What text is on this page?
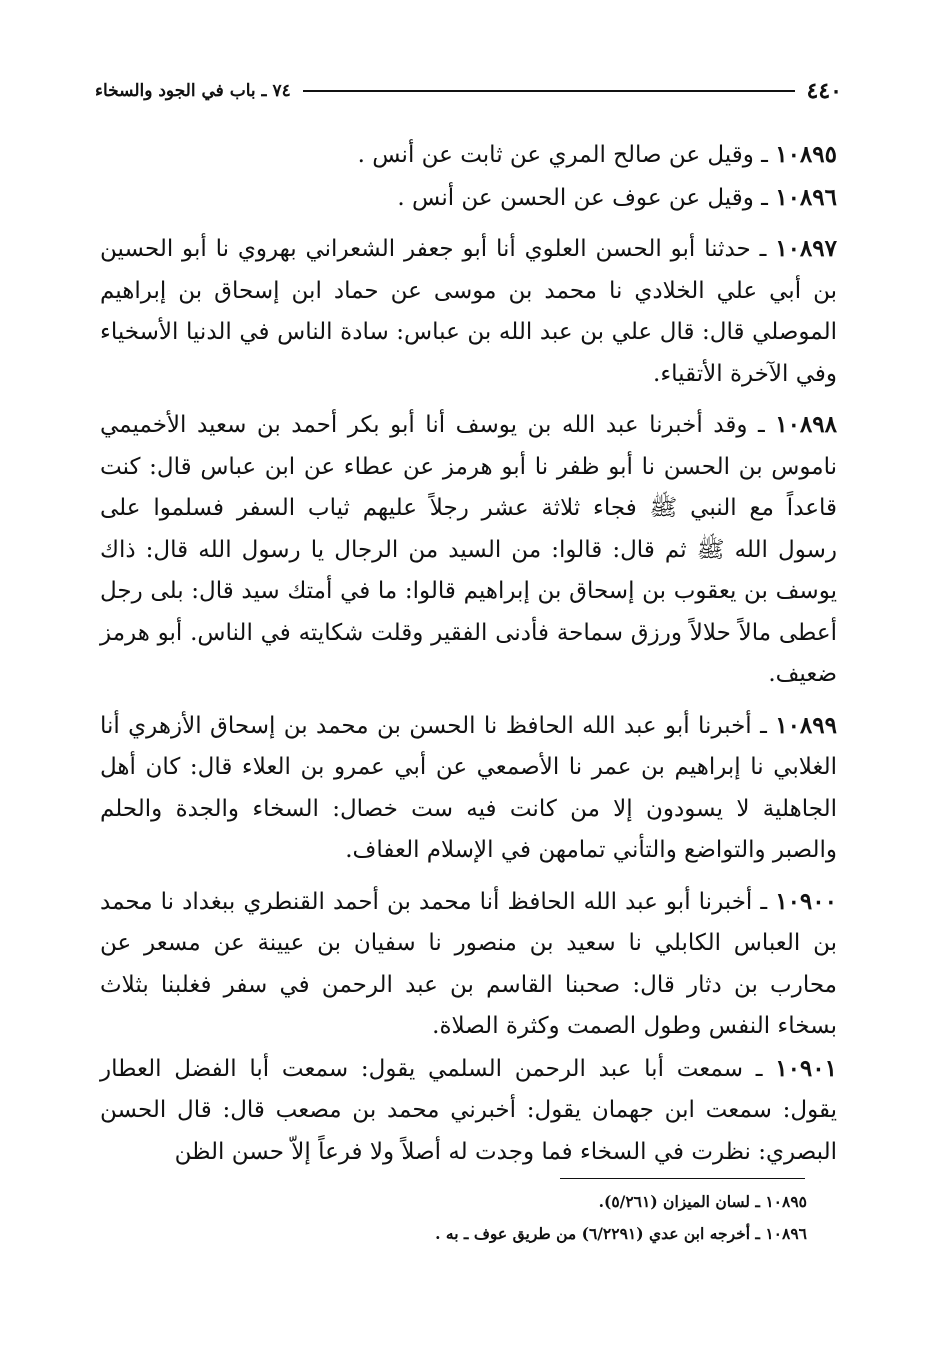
٤٤٠
٧٤ ـ باب في الجود والسخاء

١٠٨٩٥ ـ وقيل عن صالح المري عن ثابت عن أنس .

١٠٨٩٦ ـ وقيل عن عوف عن الحسن عن أنس .

١٠٨٩٧ ـ حدثنا أبو الحسن العلوي أنا أبو جعفر الشعراني بهروي نا أبو الحسين بن أبي علي الخلادي نا محمد بن موسى عن حماد ابن إسحاق بن إبراهيم الموصلي قال: قال علي بن عبد الله بن عباس: سادة الناس في الدنيا الأسخياء وفي الآخرة الأتقياء.

١٠٨٩٨ ـ وقد أخبرنا عبد الله بن يوسف أنا أبو بكر أحمد بن سعيد الأخميمي ناموس بن الحسن نا أبو ظفر نا أبو هرمز عن عطاء عن ابن عباس قال: كنت قاعداً مع النبي ﷺ فجاء ثلاثة عشر رجلاً عليهم ثياب السفر فسلموا على رسول الله ﷺ ثم قال: قالوا: من السيد من الرجال يا رسول الله قال: ذاك يوسف بن يعقوب بن إسحاق بن إبراهيم قالوا: ما في أمتك سيد قال: بلى رجل أعطى مالاً حلالاً ورزق سماحة فأدنى الفقير وقلت شكايته في الناس. أبو هرمز ضعيف.

١٠٨٩٩ ـ أخبرنا أبو عبد الله الحافظ نا الحسن بن محمد بن إسحاق الأزهري أنا الغلابي نا إبراهيم بن عمر نا الأصمعي عن أبي عمرو بن العلاء قال: كان أهل الجاهلية لا يسودون إلا من كانت فيه ست خصال: السخاء والجدة والحلم والصبر والتواضع والتأني تمامهن في الإسلام العفاف.

١٠٩٠٠ ـ أخبرنا أبو عبد الله الحافظ أنا محمد بن أحمد القنطري ببغداد نا محمد بن العباس الكابلي نا سعيد بن منصور نا سفيان بن عيينة عن مسعر عن محارب بن دثار قال: صحبنا القاسم بن عبد الرحمن في سفر فغلبنا بثلاث بسخاء النفس وطول الصمت وكثرة الصلاة.

١٠٩٠١ ـ سمعت أبا عبد الرحمن السلمي يقول: سمعت أبا الفضل العطار يقول: سمعت ابن جهمان يقول: أخبرني محمد بن مصعب قال: قال الحسن البصري: نظرت في السخاء فما وجدت له أصلاً ولا فرعاً إلاّ حسن الظن

١٠٨٩٥ ـ لسان الميزان (٥/٢٦١).

١٠٨٩٦ ـ أخرجه ابن عدي (٦/٢٢٩١) من طريق عوف ـ به .
